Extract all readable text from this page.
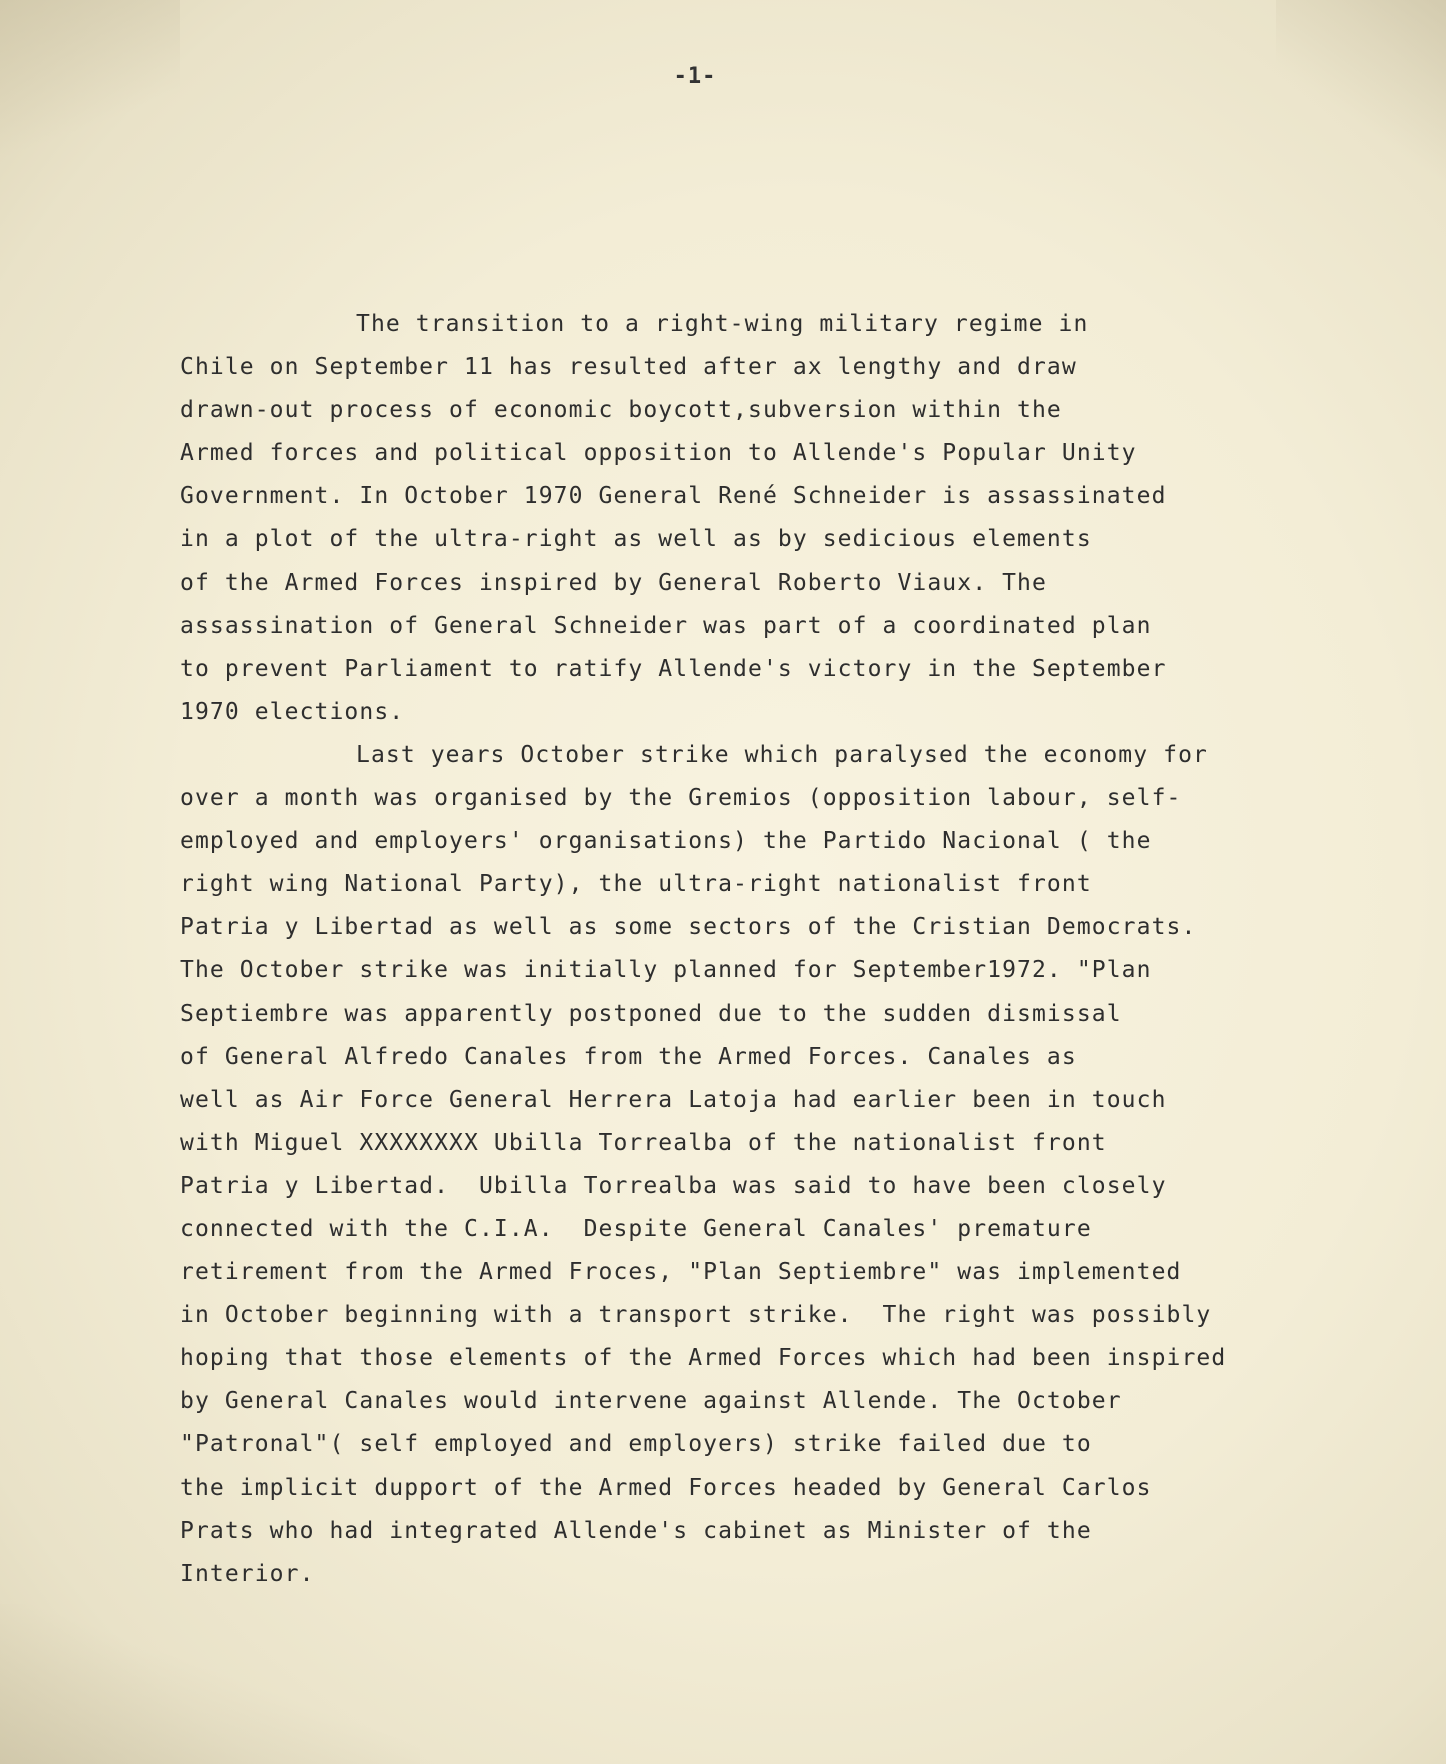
-1-
The transition to a right-wing military regime in
Chile on September 11 has resulted after ax lengthy and draw
drawn-out process of economic boycott,subversion within the
Armed forces and political opposition to Allende's Popular Unity
Government. In October 1970 General René Schneider is assassinated
in a plot of the ultra-right as well as by sedicious elements
of the Armed Forces inspired by General Roberto Viaux. The
assassination of General Schneider was part of a coordinated plan
to prevent Parliament to ratify Allende's victory in the September
1970 elections.
Last years October strike which paralysed the economy for
over a month was organised by the Gremios (opposition labour, self-
employed and employers' organisations) the Partido Nacional ( the
right wing National Party), the ultra-right nationalist front
Patria y Libertad as well as some sectors of the Cristian Democrats.
The October strike was initially planned for September1972. "Plan
Septiembre was apparently postponed due to the sudden dismissal
of General Alfredo Canales from the Armed Forces. Canales as
well as Air Force General Herrera Latoja had earlier been in touch
with Miguel XXXXXXXX Ubilla Torrealba of the nationalist front
Patria y Libertad.  Ubilla Torrealba was said to have been closely
connected with the C.I.A.  Despite General Canales' premature
retirement from the Armed Froces, "Plan Septiembre" was implemented
in October beginning with a transport strike.  The right was possibly
hoping that those elements of the Armed Forces which had been inspired
by General Canales would intervene against Allende. The October
"Patronal"( self employed and employers) strike failed due to
the implicit dupport of the Armed Forces headed by General Carlos
Prats who had integrated Allende's cabinet as Minister of the
Interior.
